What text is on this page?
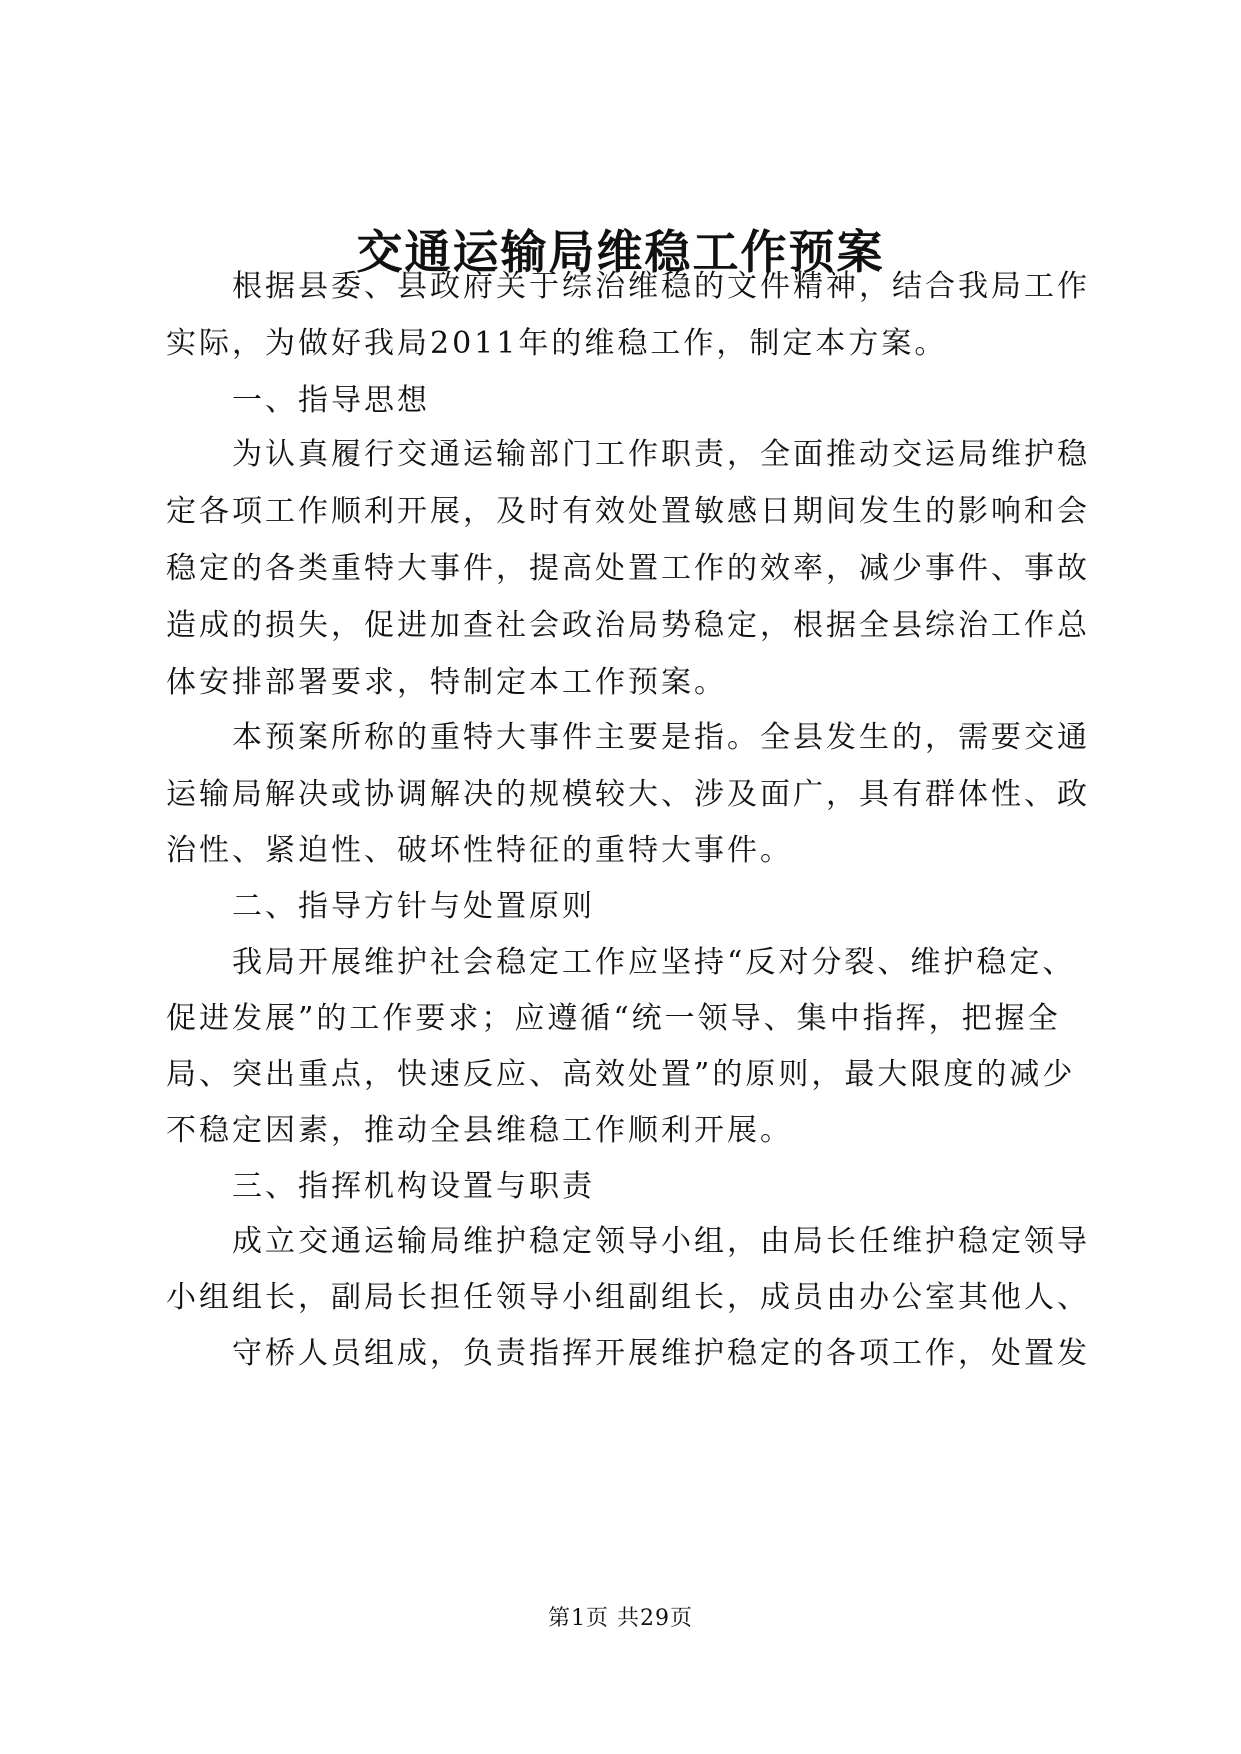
交通运输局维稳工作预案
根据县委、县政府关于综治维稳的文件精神，结合我局工作
实际，为做好我局2011年的维稳工作，制定本方案。
一、指导思想
为认真履行交通运输部门工作职责，全面推动交运局维护稳
定各项工作顺利开展，及时有效处置敏感日期间发生的影响和会
稳定的各类重特大事件，提高处置工作的效率，减少事件、事故
造成的损失，促进加查社会政治局势稳定，根据全县综治工作总
体安排部署要求，特制定本工作预案。
本预案所称的重特大事件主要是指。全县发生的，需要交通
运输局解决或协调解决的规模较大、涉及面广，具有群体性、政
治性、紧迫性、破坏性特征的重特大事件。
二、指导方针与处置原则
我局开展维护社会稳定工作应坚持“反对分裂、维护稳定、
促进发展”的工作要求；应遵循“统一领导、集中指挥，把握全
局、突出重点，快速反应、高效处置”的原则，最大限度的减少
不稳定因素，推动全县维稳工作顺利开展。
三、指挥机构设置与职责
成立交通运输局维护稳定领导小组，由局长任维护稳定领导
小组组长，副局长担任领导小组副组长，成员由办公室其他人、
守桥人员组成，负责指挥开展维护稳定的各项工作，处置发
第1页 共29页
